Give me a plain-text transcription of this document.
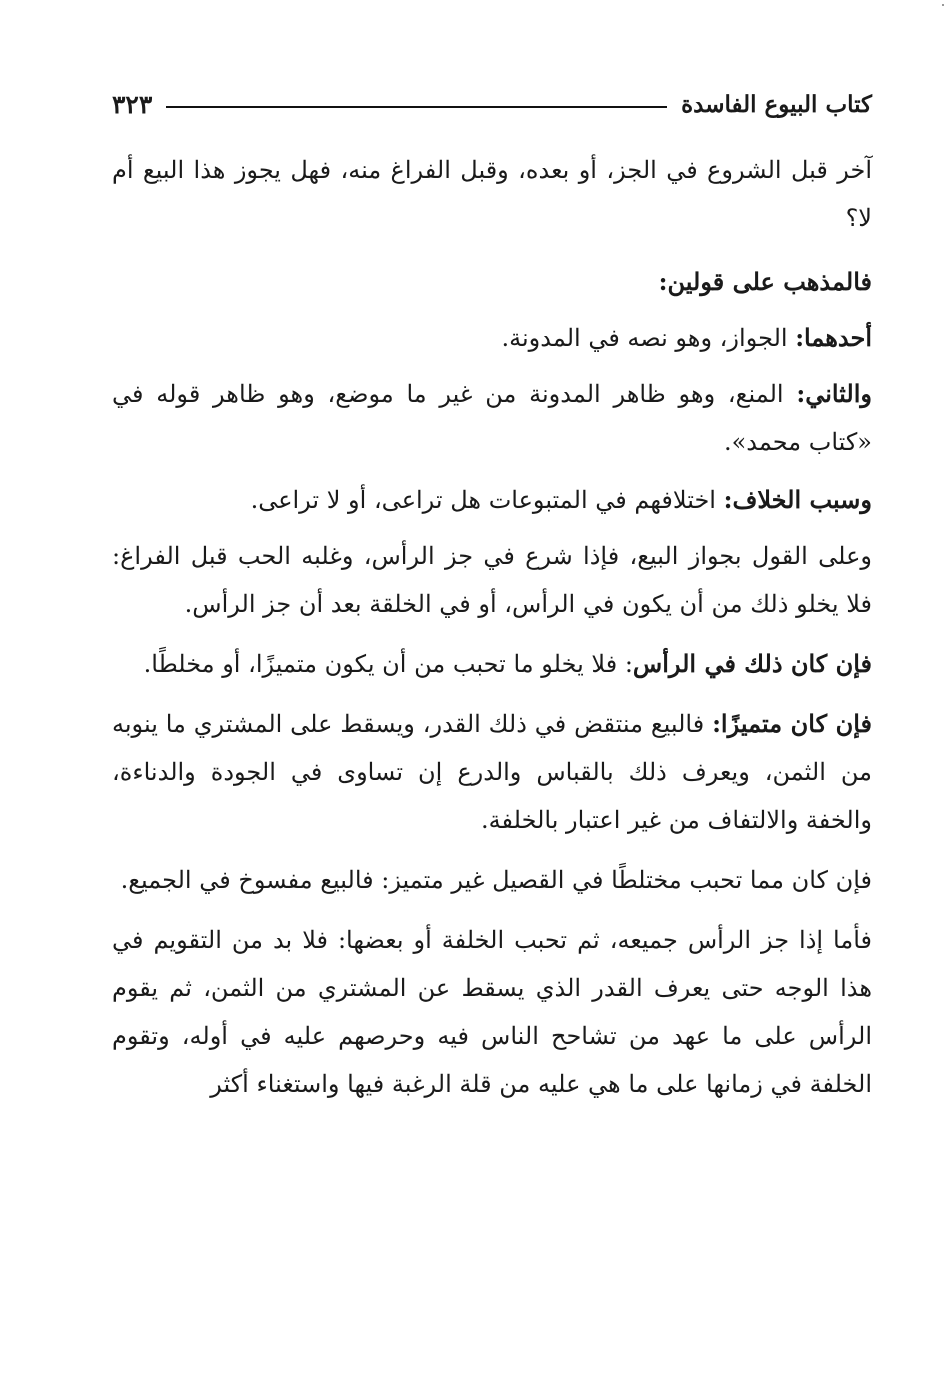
كتاب البيوع الفاسدة
٣٢٣

آخر قبل الشروع في الجز، أو بعده، وقبل الفراغ منه، فهل يجوز هذا البيع أم لا؟

فالمذهب على قولين:

أحدهما: الجواز، وهو نصه في المدونة.

والثاني: المنع، وهو ظاهر المدونة من غير ما موضع، وهو ظاهر قوله في «كتاب محمد».

وسبب الخلاف: اختلافهم في المتبوعات هل تراعى، أو لا تراعى.

وعلى القول بجواز البيع، فإذا شرع في جز الرأس، وغلبه الحب قبل الفراغ: فلا يخلو ذلك من أن يكون في الرأس، أو في الخلقة بعد أن جز الرأس.

فإن كان ذلك في الرأس: فلا يخلو ما تحبب من أن يكون متميزًا، أو مخلطًا.

فإن كان متميزًا: فالبيع منتقض في ذلك القدر، ويسقط على المشتري ما ينوبه من الثمن، ويعرف ذلك بالقباس والدرع إن تساوى في الجودة والدناءة، والخفة والالتفاف من غير اعتبار بالخلفة.

فإن كان مما تحبب مختلطًا في القصيل غير متميز: فالبيع مفسوخ في الجميع.

فأما إذا جز الرأس جميعه، ثم تحبب الخلفة أو بعضها: فلا بد من التقويم في هذا الوجه حتى يعرف القدر الذي يسقط عن المشتري من الثمن، ثم يقوم الرأس على ما عهد من تشاحح الناس فيه وحرصهم عليه في أوله، وتقوم الخلفة في زمانها على ما هي عليه من قلة الرغبة فيها واستغناء أكثر
